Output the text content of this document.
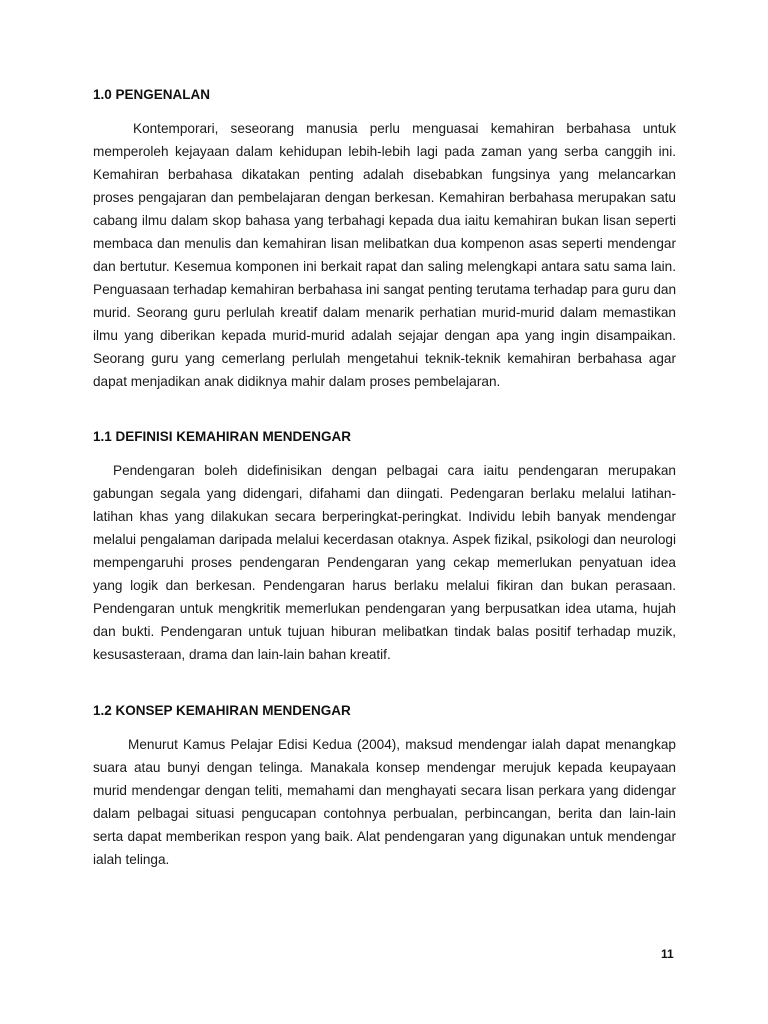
1.0 PENGENALAN

Kontemporari, seseorang manusia perlu menguasai kemahiran berbahasa untuk memperoleh kejayaan dalam kehidupan lebih-lebih lagi pada zaman yang serba canggih ini. Kemahiran berbahasa dikatakan penting adalah disebabkan fungsinya yang melancarkan proses pengajaran dan pembelajaran dengan berkesan. Kemahiran berbahasa merupakan satu cabang ilmu dalam skop bahasa yang terbahagi kepada dua iaitu kemahiran bukan lisan seperti membaca dan menulis dan kemahiran lisan melibatkan dua kompenon asas seperti mendengar dan bertutur. Kesemua komponen ini berkait rapat dan saling melengkapi antara satu sama lain. Penguasaan terhadap kemahiran berbahasa ini sangat penting terutama terhadap para guru dan murid. Seorang guru perlulah kreatif dalam menarik perhatian murid-murid dalam memastikan ilmu yang diberikan kepada murid-murid adalah sejajar dengan apa yang ingin disampaikan. Seorang guru yang cemerlang perlulah mengetahui teknik-teknik kemahiran berbahasa agar dapat menjadikan anak didiknya mahir dalam proses pembelajaran.

1.1 DEFINISI KEMAHIRAN MENDENGAR

Pendengaran boleh didefinisikan dengan pelbagai cara iaitu pendengaran merupakan gabungan segala yang didengari, difahami dan diingati. Pedengaran berlaku melalui latihan-latihan khas yang dilakukan secara berperingkat-peringkat. Individu lebih banyak mendengar melalui pengalaman daripada melalui kecerdasan otaknya. Aspek fizikal, psikologi dan neurologi mempengaruhi proses pendengaran Pendengaran yang cekap memerlukan penyatuan idea yang logik dan berkesan. Pendengaran harus berlaku melalui fikiran dan bukan perasaan. Pendengaran untuk mengkritik memerlukan pendengaran yang berpusatkan idea utama, hujah dan bukti. Pendengaran untuk tujuan hiburan melibatkan tindak balas positif terhadap muzik, kesusasteraan, drama dan lain-lain bahan kreatif.

1.2 KONSEP KEMAHIRAN MENDENGAR

Menurut Kamus Pelajar Edisi Kedua (2004), maksud mendengar ialah dapat menangkap suara atau bunyi dengan telinga. Manakala konsep mendengar merujuk kepada keupayaan murid mendengar dengan teliti, memahami dan menghayati secara lisan perkara yang didengar dalam pelbagai situasi pengucapan contohnya perbualan, perbincangan, berita dan lain-lain serta dapat memberikan respon yang baik. Alat pendengaran yang digunakan untuk mendengar ialah telinga.

11
